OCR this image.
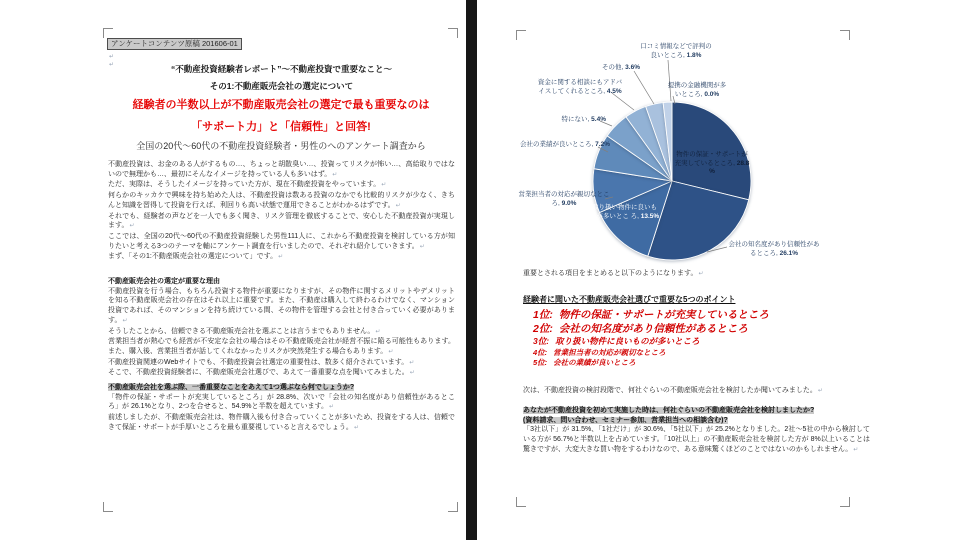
アンケートコンテンツ原稿 201606-01
↵
↵
“不動産投資経験者レポート”〜不動産投資で重要なこと〜
その1:不動産販売会社の選定について
経験者の半数以上が不動産販売会社の選定で最も重要なのは
「サポート力」と「信頼性」と回答!
全国の20代〜60代の不動産投資経験者・男性のへのアンケート調査から
不動産投資は、お金のある人がするもの…、ちょっと胡散臭い…、投資ってリスクが怖い…、高給取りではないので無理かも…、最初にそんなイメージを持っている人も多いはず。 ↵
ただ、実際は、そうしたイメージを持っていた方が、現在不動産投資をやっています。 ↵
何らかのキッカケで興味を持ち始めた人は、不動産投資は数ある投資のなかでも比較的リスクが少なく、きちんと知識を習得して投資を行えば、利回りも高い状態で運用できることがわかるはずです。 ↵
それでも、経験者の声などを一人でも多く聞き、リスク管理を徹底することで、安心した不動産投資が実現します。 ↵
ここでは、全国の20代〜60代の不動産投資経験した男性111人に、これから不動産投資を検討している方が知りたいと考える3つのテーマを軸にアンケート調査を行いましたので、それぞれ紹介していきます。 ↵
まず、「その1:不動産販売会社の選定について」です。 ↵
不動産販売会社の選定が重要な理由
不動産投資を行う場合、もちろん投資する物件が重要になりますが、その物件に関するメリットやデメリットを知る不動産販売会社の存在はそれ以上に重要です。また、不動産は購入して終わるわけでなく、マンション投資であれば、そのマンションを持ち続けている間、その物件を管理する会社と付き合っていく必要があります。 ↵
そうしたことから、信頼できる不動産販売会社を選ぶことは言うまでもありません。 ↵
営業担当者が熱心でも経営が不安定な会社の場合はその不動産販売会社が経営不振に陥る可能性もあります。また、購入後、営業担当者が話してくれなかったリスクが突然発生する場合もあります。 ↵
不動産投資関連のWebサイトでも、不動産投資会社選定の重要性は、数多く紹介されています。 ↵
そこで、不動産投資経験者に、不動産販売会社選びで、あえて一番重要な点を聞いてみました。 ↵
不動産販売会社を選ぶ際、一番重要なことをあえて1つ選ぶなら何でしょうか?
「物件の保証・サポートが充実しているところ」が 28.8%、次いで「会社の知名度があり信頼性があるところ」が 26.1%となり、2つを合せると、54.9%と半数を超えています。 ↵
前述しましたが、不動産販売会社は、物件購入後も付き合っていくことが多いため、投資をする人は、信頼できて保証・サポートが手厚いところを最も重要視していると言えるでしょう。 ↵
口コミ情報などで評判の良いところ , 1.8%
その他 , 3.6%
資金に関する相談にもアドバイスしてくれるところ , 4.5%
提携の金融機関が多いところ , 0.0%
特にない , 5.4%
会社の業績が良いところ , 7.2%
営業担当者の対応が親切なところ , 9.0%
会社の知名度があり信頼性があるところ , 26.1%
物件の保証・サポートが充実しているところ , 28.8%
取り扱い物件に良いものが多いとこ ろ , 13.5%
重要とされる項目をまとめると以下のようになります。 ↵
経験者に聞いた不動産販売会社選びで重要な5つのポイント
1位: 物件の保証・サポートが充実しているところ
2位: 会社の知名度があり信頼性があるところ
3位: 取り扱い物件に良いものが多いところ
4位: 営業担当者の対応が親切なところ
5位: 会社の業績が良いところ
次は、不動産投資の検討段階で、何社ぐらいの不動産販売会社を検討したか聞いてみました。 ↵
あなたが不動産投資を初めて実施した時は、何社ぐらいの不動産販売会社を検討しましたか?
(資料請求、問い合わせ、セミナー参加、営業担当への相談含む)?
「3社以下」が 31.5%、「1社だけ」が 30.6%、「5社以下」が 25.2%となりました。2社〜5社の中から検討している方が 56.7%と半数以上を占めています。「10社以上」の不動産販売会社を検討した方が 8%以上いることは驚きですが、大変大きな買い物をするわけなので、ある意味驚くほどのことではないのかもしれません。 ↵
